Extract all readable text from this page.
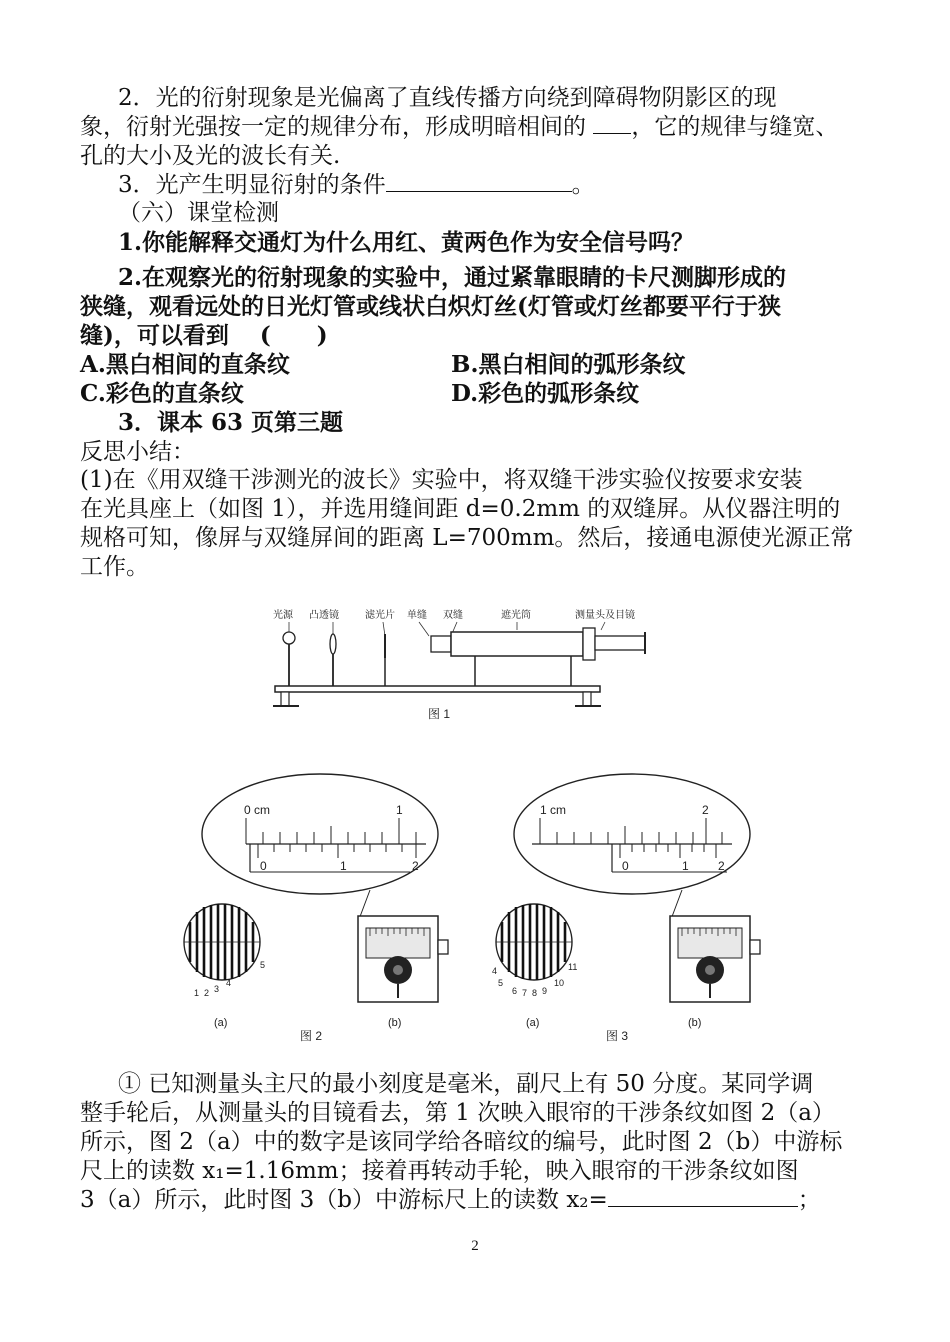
2．光的衍射现象是光偏离了直线传播方向绕到障碍物阴影区的现
象，衍射光强按一定的规律分布，形成明暗相间的 ，它的规律与缝宽、
孔的大小及光的波长有关.
3．光产生明显衍射的条件	。
（六）课堂检测
1.你能解释交通灯为什么用红、黄两色作为安全信号吗？
2.在观察光的衍射现象的实验中，通过紧靠眼睛的卡尺测脚形成的
狭缝，观看远处的日光灯管或线状白炽灯丝(灯管或灯丝都要平行于狭
缝)，可以看到　 (　　)
A.黑白相间的直条纹	B.黑白相间的弧形条纹
C.彩色的直条纹	D.彩色的弧形条纹
3．课本 63 页第三题
反思小结：
(1)在《用双缝干涉测光的波长》实验中，将双缝干涉实验仪按要求安装
在光具座上（如图 1），并选用缝间距 d=0.2mm 的双缝屏。从仪器注明的
规格可知，像屏与双缝屏间的距离 L=700mm。然后，接通电源使光源正常
工作。
光源 凸透镜	滤光片 单缝 双缝	遮光筒	测量头及目镜
图 1
0 cm	1
0	1	2
1 2 3
4
5
(a)	(b)
图 2
1 cm	2
0	1 2
4
5
6 7 8 9
10
11
(a)	(b)
图 3
① 已知测量头主尺的最小刻度是毫米，副尺上有 50 分度。某同学调
整手轮后，从测量头的目镜看去，第 1 次映入眼帘的干涉条纹如图 2（a）
所示，图 2（a）中的数字是该同学给各暗纹的编号，此时图 2（b）中游标
尺上的读数 x₁=1.16mm；接着再转动手轮，映入眼帘的干涉条纹如图
3（a）所示，此时图 3（b）中游标尺上的读数 x₂=	；
2
